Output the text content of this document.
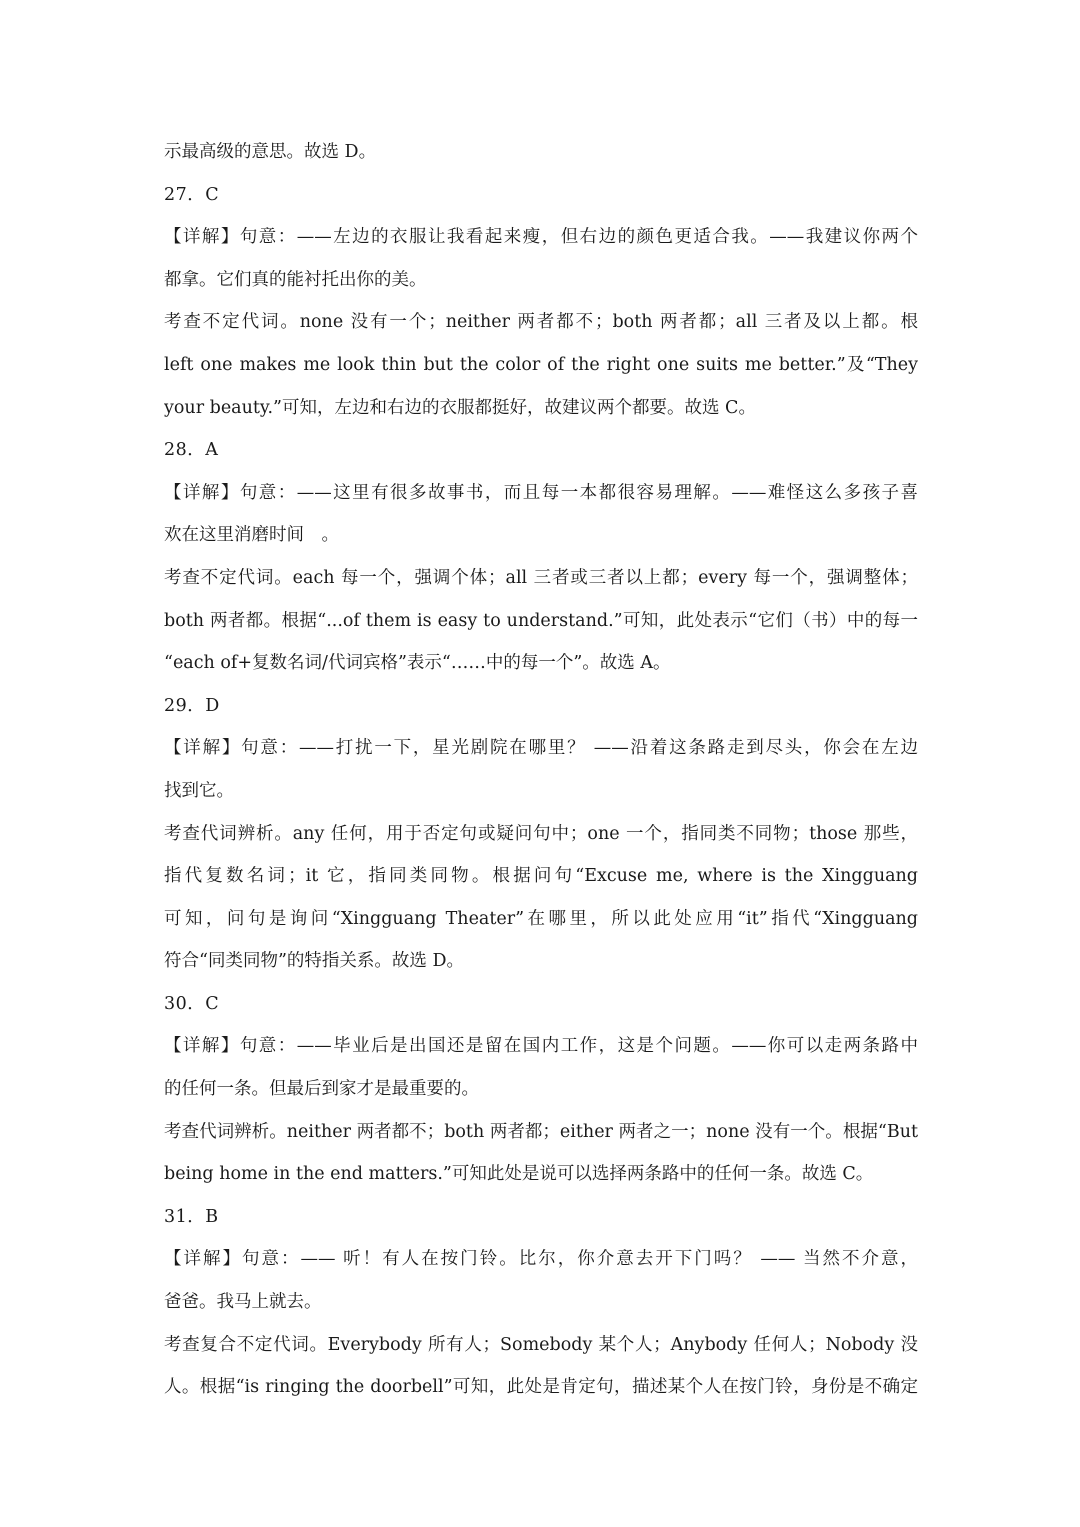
示最高级的意思。故选 D。
27．C
【详解】句意：——左边的衣服让我看起来瘦，但右边的颜色更适合我。——我建议你两个
都拿。它们真的能衬托出你的美。
考查不定代词。none 没有一个；neither 两者都不；both 两者都；all 三者及以上都。根
left one makes me look thin but the color of the right one suits me better.”及“They
your beauty.”可知，左边和右边的衣服都挺好，故建议两个都要。故选 C。
28．A
【详解】句意：——这里有很多故事书，而且每一本都很容易理解。——难怪这么多孩子喜
欢在这里消磨时间　。
考查不定代词。each 每一个，强调个体；all 三者或三者以上都；every 每一个，强调整体；
both 两者都。根据“...of them is easy to understand.”可知，此处表示“它们（书）中的每一
“each of+复数名词/代词宾格”表示“……中的每一个”。故选 A。
29．D
【详解】句意：——打扰一下，星光剧院在哪里？ ——沿着这条路走到尽头，你会在左边
找到它。
考查代词辨析。any 任何，用于否定句或疑问句中；one 一个，指同类不同物；those 那些，
指代复数名词；it 它，指同类同物。根据问句“Excuse me, where is the Xingguang
可知，问句是询问“Xingguang Theater”在哪里，所以此处应用“it”指代“Xingguang
符合“同类同物”的特指关系。故选 D。
30．C
【详解】句意：——毕业后是出国还是留在国内工作，这是个问题。——你可以走两条路中
的任何一条。但最后到家才是最重要的。
考查代词辨析。neither 两者都不；both 两者都；either 两者之一；none 没有一个。根据“But
being home in the end matters.”可知此处是说可以选择两条路中的任何一条。故选 C。
31．B
【详解】句意：—— 听！有人在按门铃。比尔，你介意去开下门吗？ —— 当然不介意，
爸爸。我马上就去。
考查复合不定代词。Everybody 所有人；Somebody 某个人；Anybody 任何人；Nobody 没
人。根据“is ringing the doorbell”可知，此处是肯定句，描述某个人在按门铃，身份是不确定
